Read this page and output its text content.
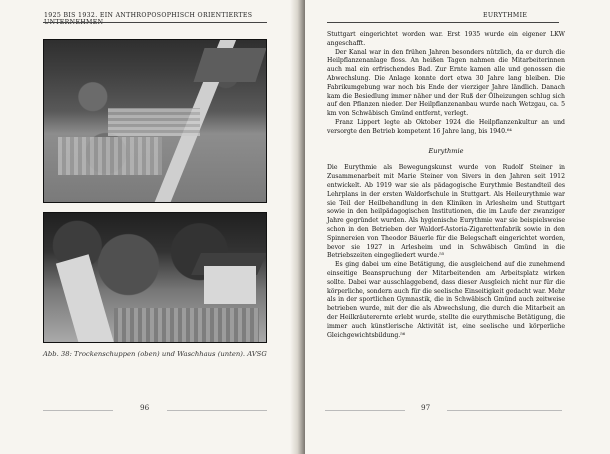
1925 BIS 1932. EIN ANTHROPOSOPHISCH ORIENTIERTES
Abb. 38: Trockenschuppen (oben) und Waschhaus (unten). AVSG
96
EURYTHMIE

Stuttgart eingerichtet worden war. Erst 1935 wurde ein eigener LKW angeschafft.

Der Kanal war in den frühen Jahren besonders nützlich, da er durch die Heilpflanzenanlage floss. An heißen Tagen nahmen die Mitarbeiterinnen auch mal ein erfrischendes Bad. Zur Ernte kamen alle und genossen die Abwechslung. Die Anlage konnte dort etwa 30 Jahre lang bleiben. Die Fabrikumgebung war noch bis Ende der vierziger Jahre ländlich. Danach kam die Besiedlung immer näher und der Ruß der Ölheizungen schlug sich auf den Pflanzen nieder. Der Heilpflanzenanbau wurde nach Wetzgau, ca. 5 km von Schwäbisch Gmünd entfernt, verlegt.

Franz Lippert legte ab Oktober 1924 die Heilpflanzenkultur an und versorgte den Betrieb kompetent 16 Jahre lang, bis 1940.⁶⁴

Eurythmie

Die Eurythmie als Bewegungskunst wurde von Rudolf Steiner in Zusammenarbeit mit Marie Steiner von Sivers in den Jahren seit 1912 entwickelt. Ab 1919 war sie als pädagogische Eurythmie Bestandteil des Lehrplans in der ersten Waldorfschule in Stuttgart. Als Heileurythmie war sie Teil der Heilbehandlung in den Kliniken in Arlesheim und Stuttgart sowie in den heilpädagogischen Institutionen, die im Laufe der zwanziger Jahre gegründet wurden. Als hygienische Eurythmie war sie beispielsweise schon in den Betrieben der Waldorf-Astoria-Zigarettenfabrik sowie in den Spinnereien von Theodor Bäuerle für die Belegschaft eingerichtet worden, bevor sie 1927 in Arlesheim und in Schwäbisch Gmünd in die Betriebszeiten eingegliedert wurde.⁵⁵

Es ging dabei um eine Betätigung, die ausgleichend auf die zunehmend einseitige Beanspruchung der Mitarbeitenden am Arbeitsplatz wirken sollte. Dabei war ausschlaggebend, dass dieser Ausgleich nicht nur für die körperliche, sondern auch für die seelische Einseitigkeit gedacht war. Mehr als in der sportlichen Gymnastik, die in Schwäbisch Gmünd auch zeitweise betrieben wurde, mit der die als Abwechslung, die durch die Mitarbeit an der Heilkräuterernte erlebt wurde, stellte die eurythmische Betätigung, die immer auch künstlerische Aktivität ist, eine seelische und körperliche Gleichgewichtsbildung.⁵⁶

97
